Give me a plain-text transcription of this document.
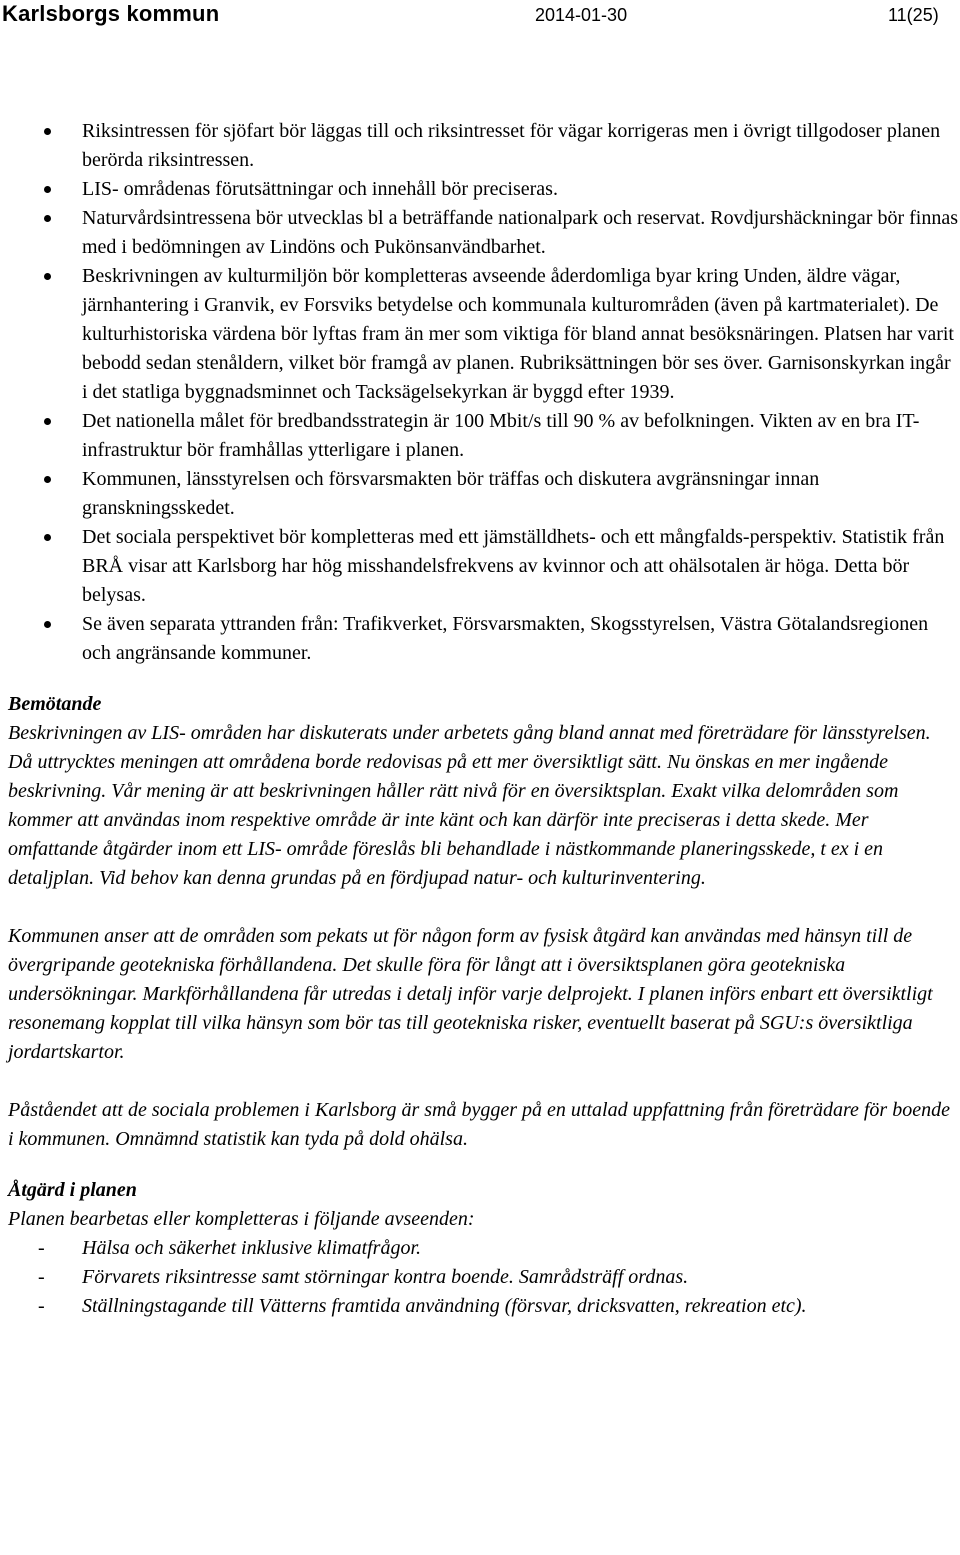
Karlsborgs kommun	2014-01-30	11(25)
Riksintressen för sjöfart bör läggas till och riksintresset för vägar korrigeras men i övrigt tillgodoser planen berörda riksintressen.
LIS- områdenas förutsättningar och innehåll bör preciseras.
Naturvårdsintressena bör utvecklas bl a beträffande nationalpark och reservat. Rovdjurshäckningar bör finnas med i bedömningen av Lindöns och Pukönsanvändbarhet.
Beskrivningen av kulturmiljön bör kompletteras avseende åderdomliga byar kring Unden, äldre vägar, järnhantering i Granvik, ev Forsviks betydelse och kommunala kulturområden (även på kartmaterialet). De kulturhistoriska värdena bör lyftas fram än mer som viktiga för bland annat besöksnäringen. Platsen har varit bebodd sedan stenåldern, vilket bör framgå av planen. Rubriksättningen bör ses över. Garnisonskyrkan ingår i det statliga byggnadsminnet och Tacksägelsekyrkan är byggd efter 1939.
Det nationella målet för bredbandsstrategin är 100 Mbit/s till 90 % av befolkningen. Vikten av en bra IT-infrastruktur bör framhållas ytterligare i planen.
Kommunen, länsstyrelsen och försvarsmakten bör träffas och diskutera avgränsningar innan granskningsskedet.
Det sociala perspektivet bör kompletteras med ett jämställdhets- och ett mångfalds-perspektiv. Statistik från BRÅ visar att Karlsborg har hög misshandelsfrekvens av kvinnor och att ohälsotalen är höga. Detta bör belysas.
Se även separata yttranden från: Trafikverket, Försvarsmakten, Skogsstyrelsen, Västra Götalandsregionen och angränsande kommuner.
Bemötande
Beskrivningen av LIS- områden har diskuterats under arbetets gång bland annat med företrädare för länsstyrelsen. Då uttrycktes meningen att områdena borde redovisas på ett mer översiktligt sätt. Nu önskas en mer ingående beskrivning. Vår mening är att beskrivningen håller rätt nivå för en översiktsplan. Exakt vilka delområden som kommer att användas inom respektive område är inte känt och kan därför inte preciseras i detta skede. Mer omfattande åtgärder inom ett LIS- område föreslås bli behandlade i nästkommande planeringsskede, t ex i en detaljplan. Vid behov kan denna grundas på en fördjupad natur- och kulturinventering.
Kommunen anser att de områden som pekats ut för någon form av fysisk åtgärd kan användas med hänsyn till de övergripande geotekniska förhållandena. Det skulle föra för långt att i översiktsplanen göra geotekniska undersökningar. Markförhållandena får utredas i detalj inför varje delprojekt. I planen införs enbart ett översiktligt resonemang kopplat till vilka hänsyn som bör tas till geotekniska risker, eventuellt baserat på SGU:s översiktliga jordartskartor.
Påståendet att de sociala problemen i Karlsborg är små bygger på en uttalad uppfattning från företrädare för boende i kommunen. Omnämnd statistik kan tyda på dold ohälsa.
Åtgärd i planen
Planen bearbetas eller kompletteras i följande avseenden:
- Hälsa och säkerhet inklusive klimatfrågor.
- Förvarets riksintresse samt störningar kontra boende. Samrådsträff ordnas.
- Ställningstagande till Vätterns framtida användning (försvar, dricksvatten, rekreation etc).
